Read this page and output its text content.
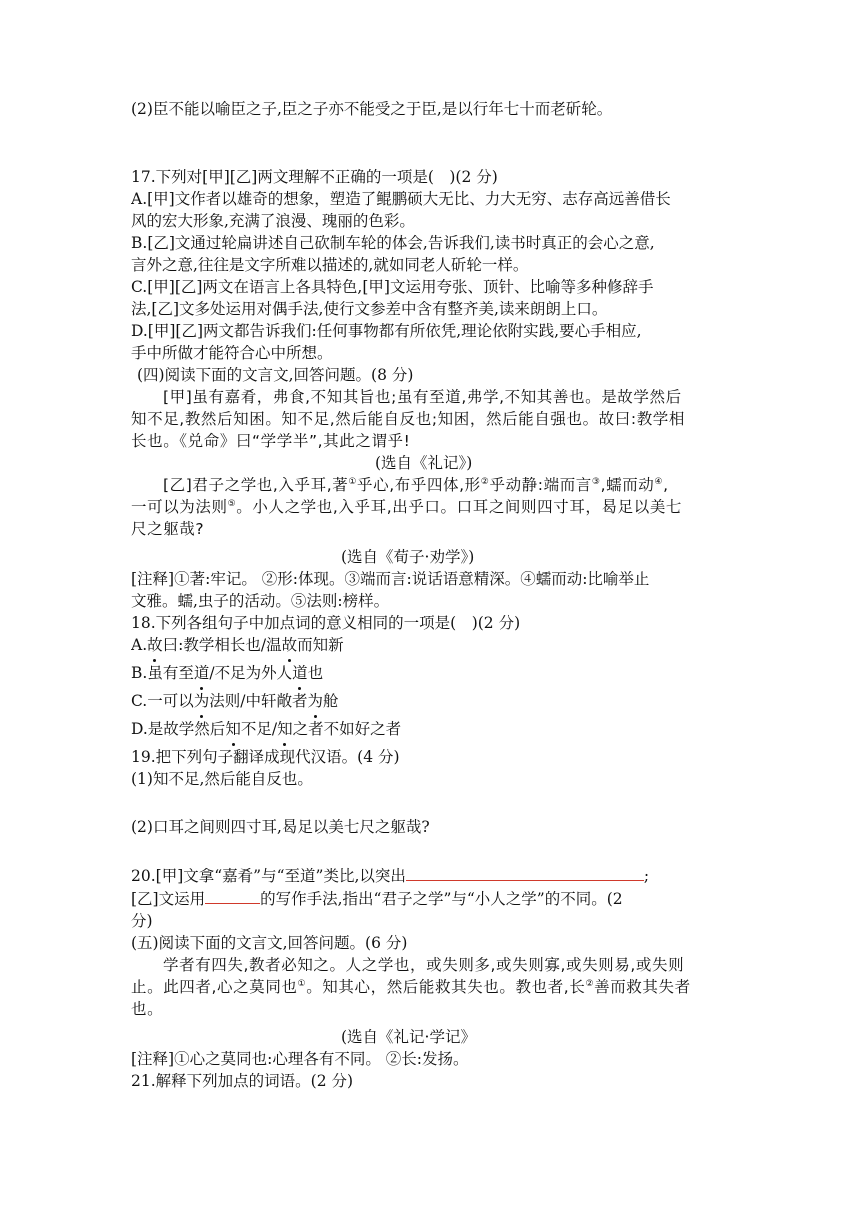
(2)臣不能以喻臣之子,臣之子亦不能受之于臣,是以行年七十而老斫轮。
17.下列对[甲][乙]两文理解不正确的一项是(　)(2 分)
A.[甲]文作者以雄奇的想象，塑造了鲲鹏硕大无比、力大无穷、志存高远善借长
风的宏大形象,充满了浪漫、瑰丽的色彩。
B.[乙]文通过轮扁讲述自己砍制车轮的体会,告诉我们,读书时真正的会心之意,
言外之意,往往是文字所难以描述的,就如同老人斫轮一样。
C.[甲][乙]两文在语言上各具特色,[甲]文运用夸张、顶针、比喻等多种修辞手
法,[乙]文多处运用对偶手法,使行文参差中含有整齐美,读来朗朗上口。
D.[甲][乙]两文都告诉我们:任何事物都有所依凭,理论依附实践,要心手相应,
手中所做才能符合心中所想。
(四)阅读下面的文言文,回答问题。(8 分)
[甲]虽有嘉肴，弗食,不知其旨也;虽有至道,弗学,不知其善也。是故学然后
知不足,教然后知困。知不足,然后能自反也;知困，然后能自强也。故曰:教学相
长也。《兑命》曰“学学半”,其此之谓乎!
(选自《礼记》)
[乙]君子之学也,入乎耳,著①乎心,布乎四体,形②乎动静:端而言③,蠕而动④,
一可以为法则⑤。小人之学也,入乎耳,出乎口。口耳之间则四寸耳，曷足以美七
尺之躯哉?
(选自《荀子·劝学》)
[注释]①著:牢记。 ②形:体现。③端而言:说话语意精深。④蠕而动:比喻举止
文雅。蠕,虫子的活动。⑤法则:榜样。
18.下列各组句子中加点词的意义相同的一项是(　)(2 分)
A.故曰:教学相长也/温故而知新
B.虽有至道/不足为外人道也
C.一可以为法则/中轩敞者为舱
D.是故学然后知不足/知之者不如好之者
19.把下列句子翻译成现代汉语。(4 分)
(1)知不足,然后能自反也。
(2)口耳之间则四寸耳,曷足以美七尺之躯哉?
20.[甲]文拿“嘉肴”与“至道”类比,以突出	;
[乙]文运用	的写作手法,指出“君子之学”与“小人之学”的不同。(2
分)
(五)阅读下面的文言文,回答问题。(6 分)
学者有四失,教者必知之。人之学也，或失则多,或失则寡,或失则易,或失则
止。此四者,心之莫同也①。知其心，然后能救其失也。教也者,长②善而救其失者
也。
(选自《礼记·学记》
[注释]①心之莫同也:心理各有不同。 ②长:发扬。
21.解释下列加点的词语。(2 分)
